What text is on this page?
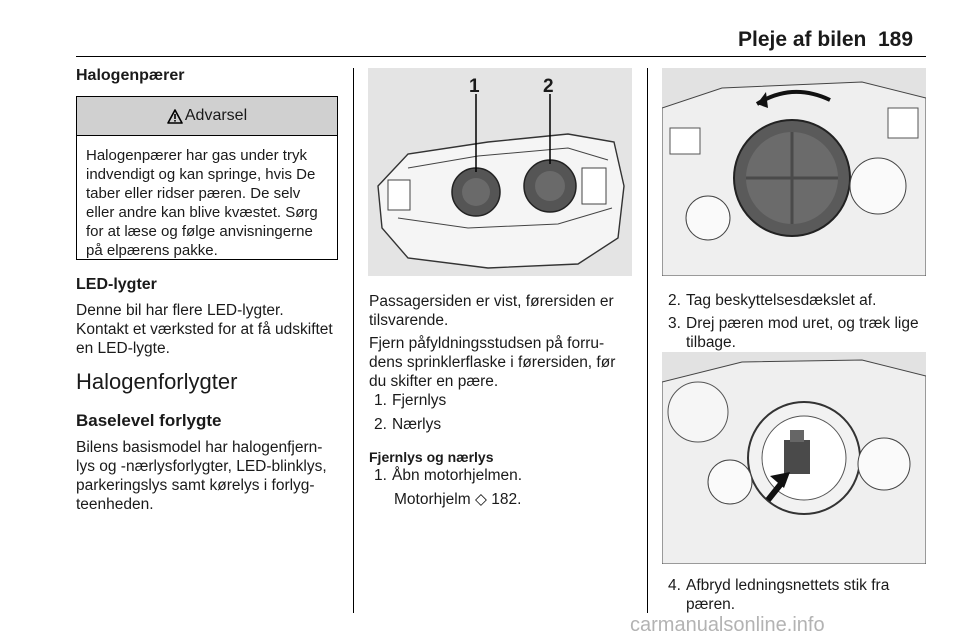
Pleje af bilen 189
Halogenpærer
Advarsel
Halogenpærer har gas under tryk
indvendigt og kan springe, hvis De
taber eller ridser pæren. De selv
eller andre kan blive kvæstet. Sørg
for at læse og følge anvisningerne
på elpærens pakke.
LED-lygter
Denne bil har flere LED-lygter.
Kontakt et værksted for at få udskiftet
en LED-lygte.
Halogenforlygter
Baselevel forlygte
Bilens basismodel har halogenfjern-
lys og -nærlysforlygter, LED-blinklys,
parkeringslys samt kørelys i forlyg-
teenheden.
1	2
Passagersiden er vist, førersiden er
tilsvarende.
Fjern påfyldningsstudsen på forru-
dens sprinklerflaske i førersiden, før
du skifter en pære.
1. Fjernlys
2. Nærlys
Fjernlys og nærlys
1. Åbn motorhjelmen.
Motorhjelm ◇ 182.
2. Tag beskyttelsesdækslet af.
3. Drej pæren mod uret, og træk lige
tilbage.
4. Afbryd ledningsnettets stik fra
pæren.
carmanualsonline.info
